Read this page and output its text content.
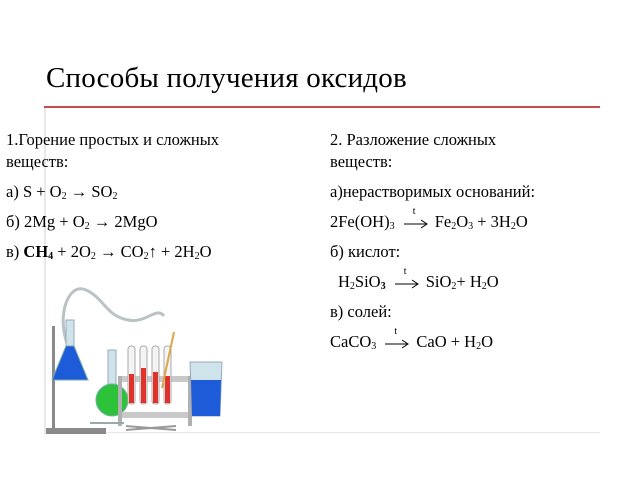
Способы получения оксидов
1.Горение простых и сложных
веществ:
а) $S + O_2 \to SO_2$
б) $2Mg + O_2 \to 2MgO$
в) $CH_4 + 2O_2$ → $CO_2↑ + 2H_2O$
2. Разложение сложных
веществ:
а)нерастворимых оснований:
$2Fe(OH)_3$
t
$Fe_2O_3 + 3H_2O$
б) кислот:
$H_2SiO_3$
t
$SiO_2+ H_2O$
в) солей:
CaCO$_3$
t
CaO + $H_2O$
